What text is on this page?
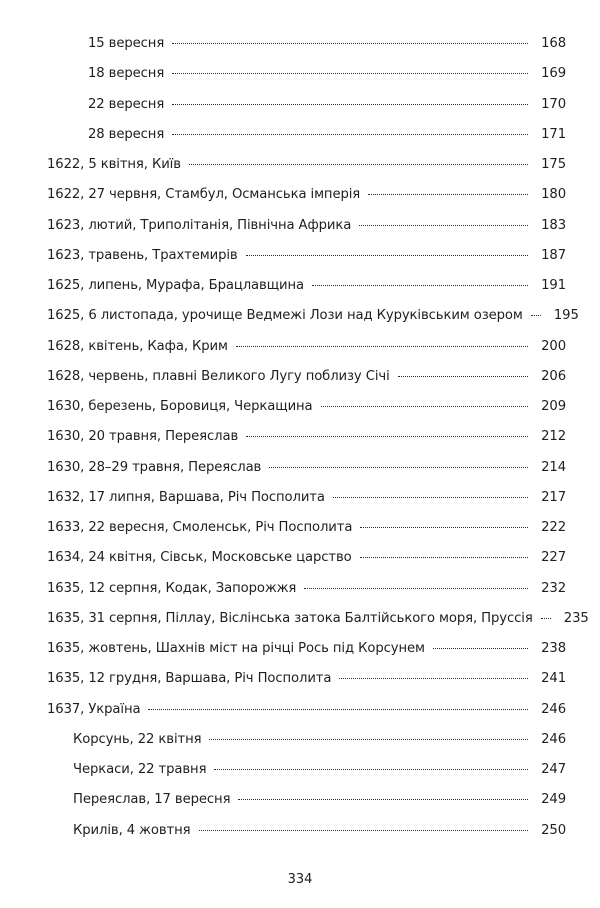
15 вересня	168
18 вересня	169
22 вересня	170
28 вересня	171
1622, 5 квітня, Київ	175
1622, 27 червня, Стамбул, Османська імперія	180
1623, лютий, Триполітанія, Північна Африка	183
1623, травень, Трахтемирів	187
1625, липень, Мурафа, Брацлавщина	191
1625, 6 листопада, урочище Ведмежі Лози над Куруківським озером	195
1628, квітень, Кафа, Крим	200
1628, червень, плавні Великого Лугу поблизу Січі	206
1630, березень, Боровиця, Черкащина	209
1630, 20 травня, Переяслав	212
1630, 28–29 травня, Переяслав	214
1632, 17 липня, Варшава, Річ Посполита	217
1633, 22 вересня, Смоленськ, Річ Посполита	222
1634, 24 квітня, Сівськ, Московське царство	227
1635, 12 серпня, Кодак, Запорожжя	232
1635, 31 серпня, Піллау, Віслінська затока Балтійського моря, Пруссія	235
1635, жовтень, Шахнів міст на річці Рось під Корсунем	238
1635, 12 грудня, Варшава, Річ Посполита	241
1637, Україна	246
Корсунь, 22 квітня	246
Черкаси, 22 травня	247
Переяслав, 17 вересня	249
Крилів, 4 жовтня	250
334
